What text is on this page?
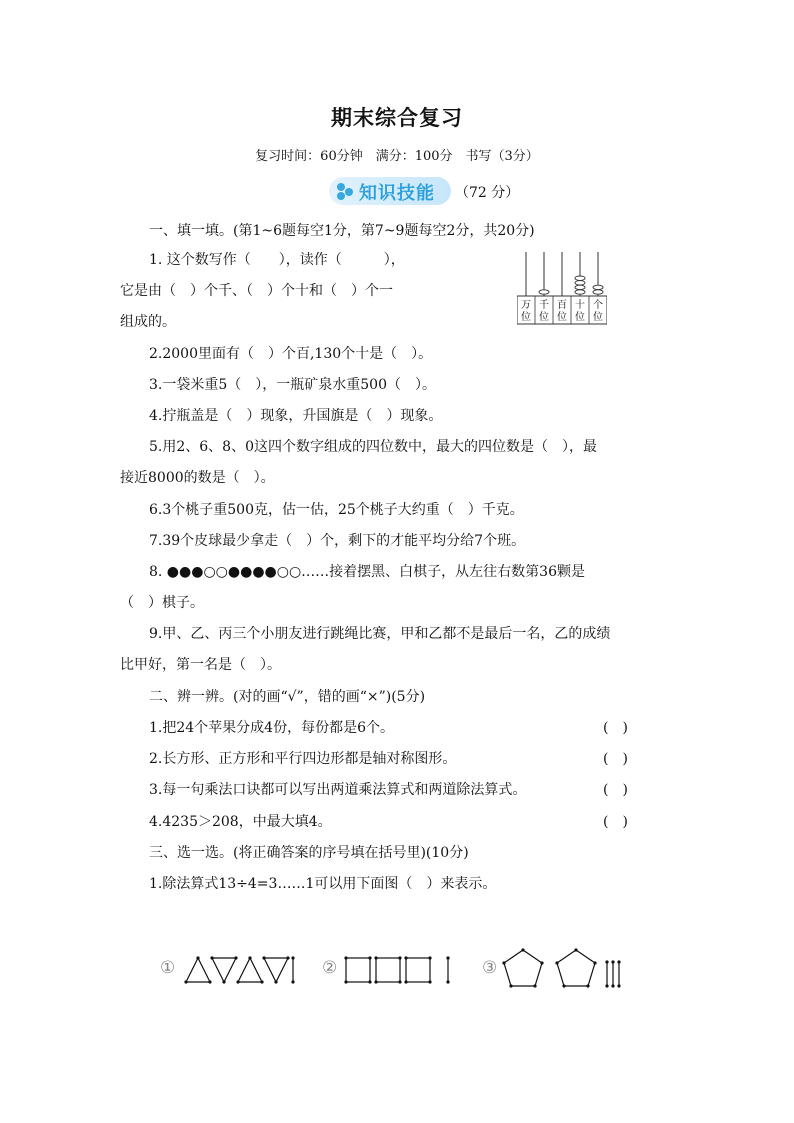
期末综合复习
复习时间：60分钟　满分：100分　书写（3分）
知识技能 （72 分）
一、填一填。(第1~6题每空1分，第7~9题每空2分，共20分)
1. 这个数写作（　　），读作（　　　），
它是由（　）个千、（　）个十和（　）个一
组成的。
万
位
千
位
百
位
十
位
个
位
2.2000里面有（　）个百,130个十是（　）。
3.一袋米重5（　），一瓶矿泉水重500（　）。
4.拧瓶盖是（　）现象，升国旗是（　）现象。
5.用2、6、8、0这四个数字组成的四位数中，最大的四位数是（　），最
接近8000的数是（　）。
6.3个桃子重500克，估一估，25个桃子大约重（　）千克。
7.39个皮球最少拿走（　）个，剩下的才能平均分给7个班。
8. ●●●○○●●●●○○……接着摆黑、白棋子，从左往右数第36颗是
（　）棋子。
9.甲、乙、丙三个小朋友进行跳绳比赛，甲和乙都不是最后一名，乙的成绩
比甲好，第一名是（　）。
二、辨一辨。(对的画“√”，错的画“×”)(5分)
1.把24个苹果分成4份，每份都是6个。	(　)
2.长方形、正方形和平行四边形都是轴对称图形。	(　)
3.每一句乘法口诀都可以写出两道乘法算式和两道除法算式。	(　)
4.4235＞208，中最大填4。	(　)
三、选一选。(将正确答案的序号填在括号里)(10分)
1.除法算式13÷4=3……1可以用下面图（　）来表示。
①	②	③
